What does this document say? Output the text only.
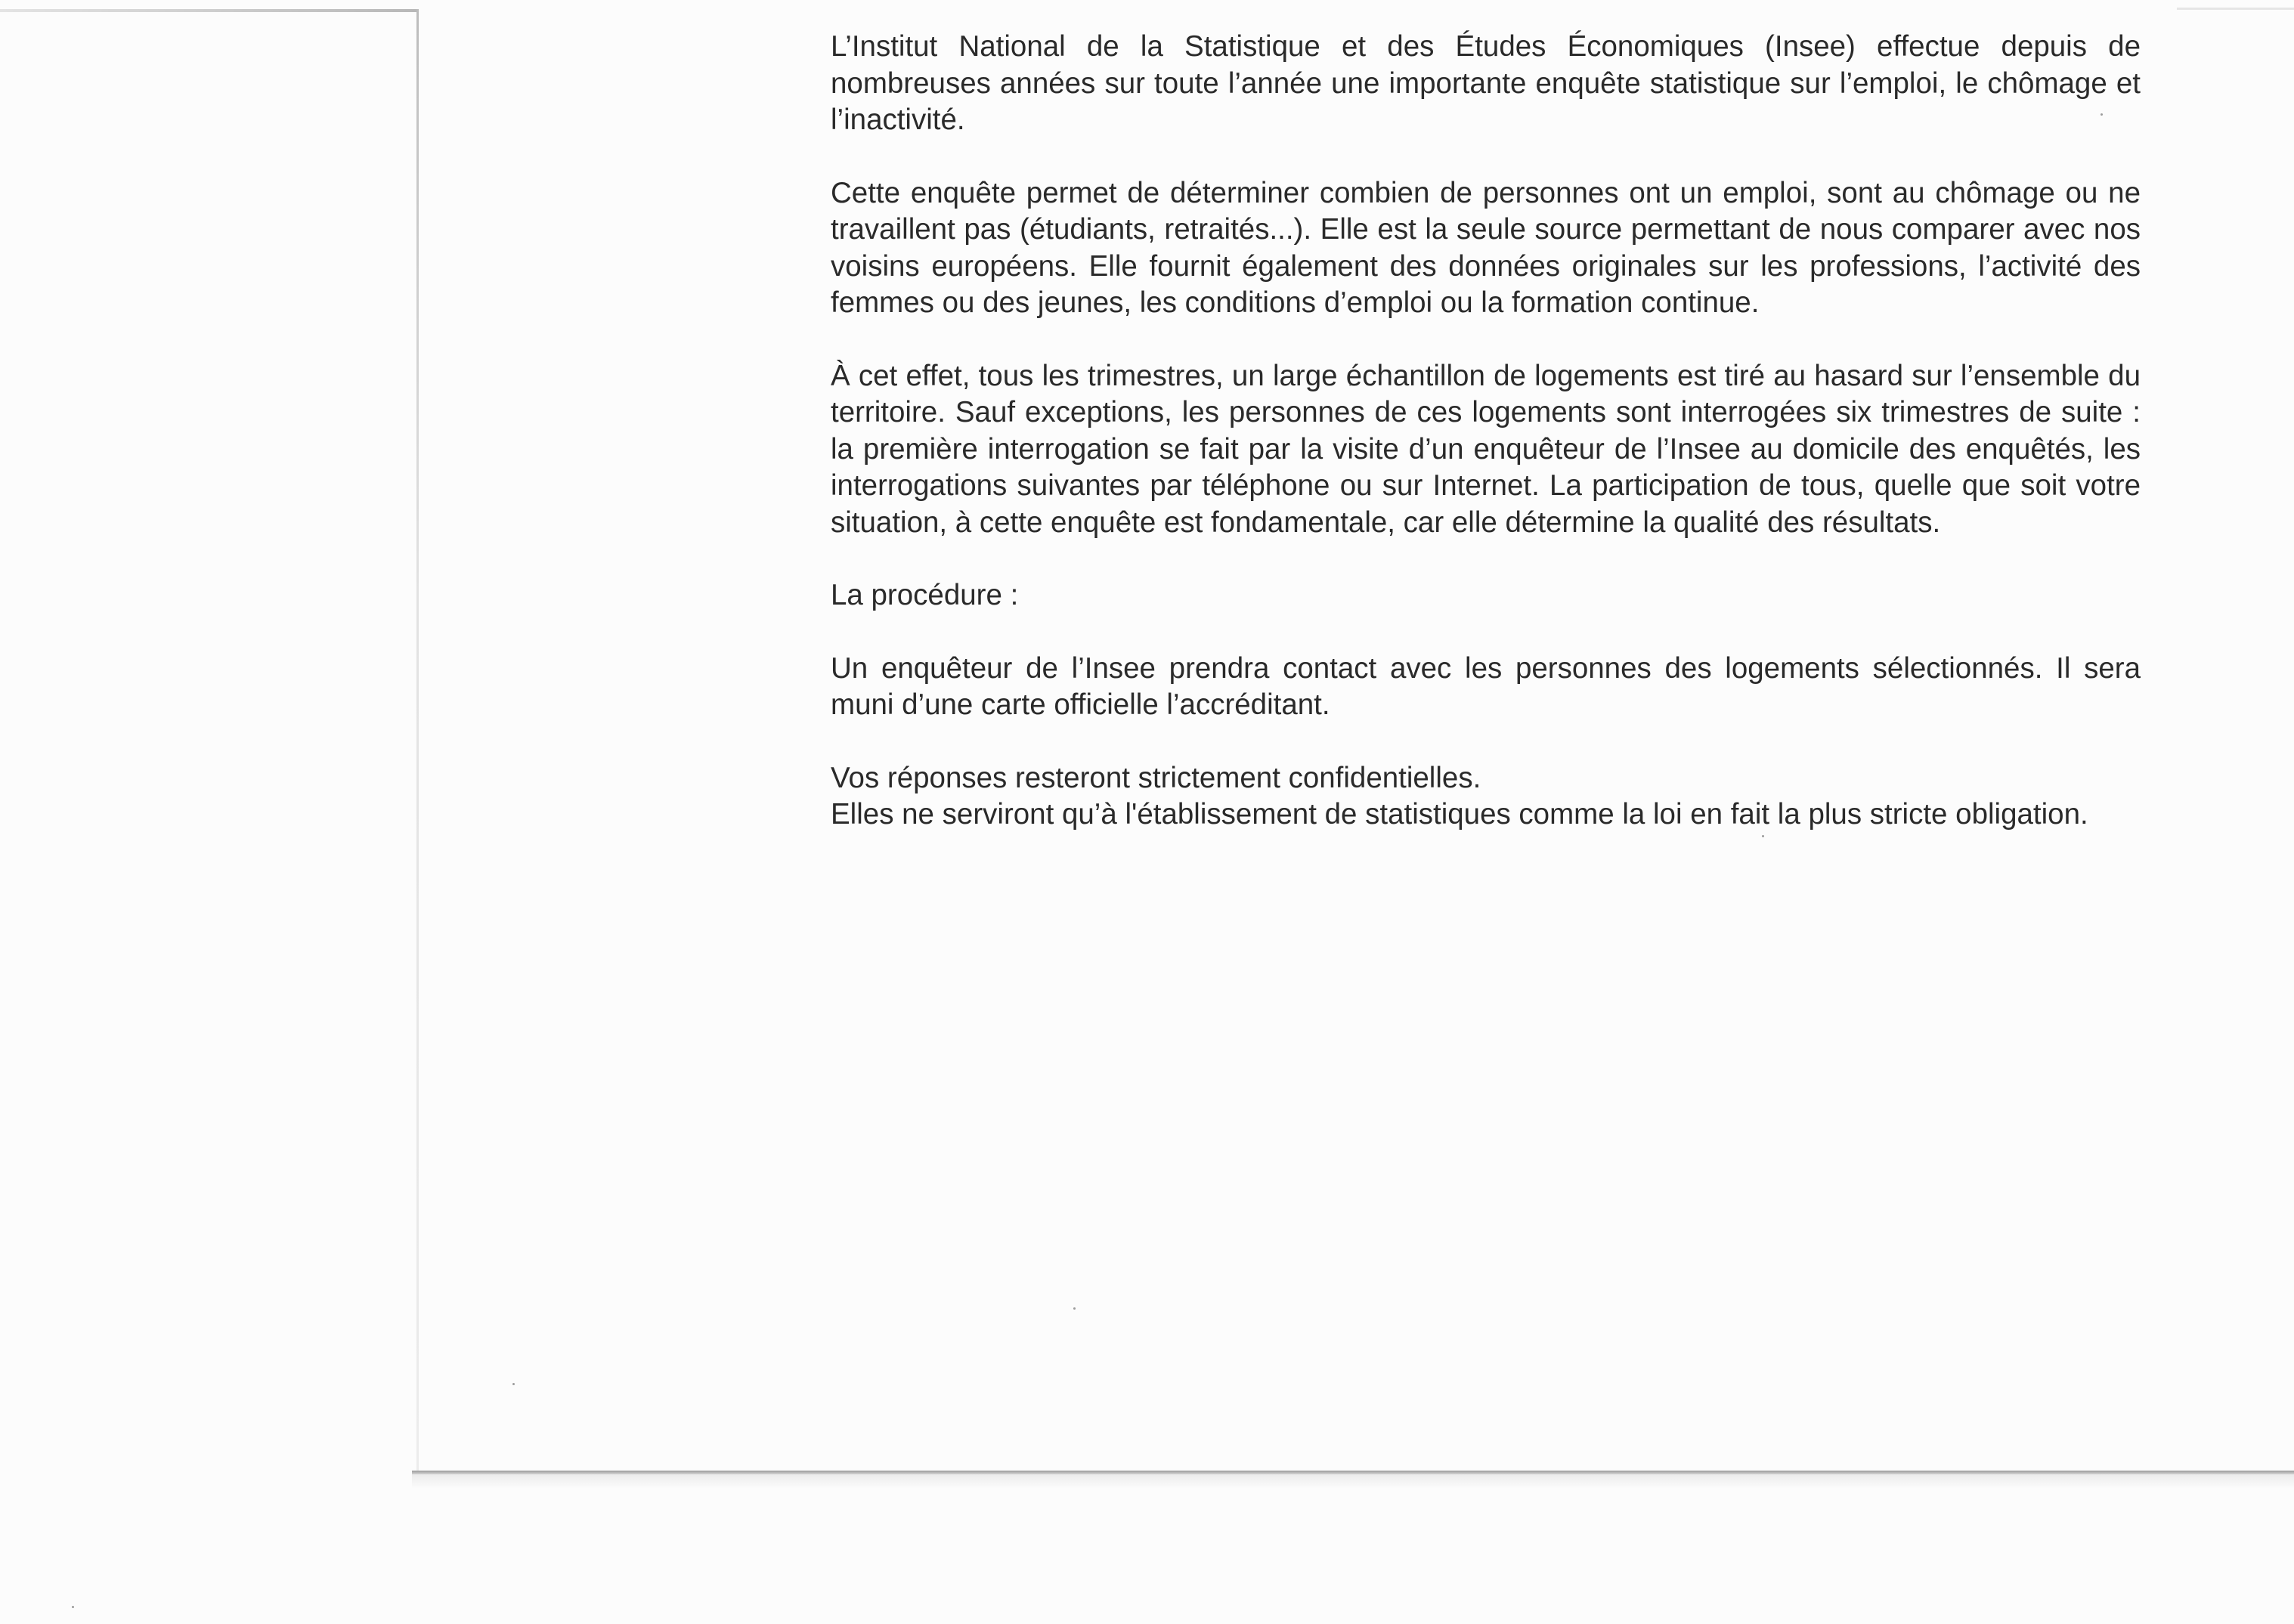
L’Institut National de la Statistique et des Études Économiques (Insee) effectue depuis de nombreuses années sur toute l’année une importante enquête statistique sur l’emploi, le chômage et l’inactivité.

Cette enquête permet de déterminer combien de personnes ont un emploi, sont au chômage ou ne travaillent pas (étudiants, retraités...). Elle est la seule source permettant de nous comparer avec nos voisins européens. Elle fournit également des données originales sur les professions, l’activité des femmes ou des jeunes, les conditions d’emploi ou la formation continue.

À cet effet, tous les trimestres, un large échantillon de logements est tiré au hasard sur l’ensemble du territoire. Sauf exceptions, les personnes de ces logements sont interrogées six trimestres de suite : la première interrogation se fait par la visite d’un enquêteur de l’Insee au domicile des enquêtés, les interrogations suivantes par téléphone ou sur Internet. La participation de tous, quelle que soit votre situation, à cette enquête est fondamentale, car elle détermine la qualité des résultats.

La procédure :

Un enquêteur de l’Insee prendra contact avec les personnes des logements sélectionnés. Il sera muni d’une carte officielle l’accréditant.

Vos réponses resteront strictement confidentielles.

Elles ne serviront qu’à l'établissement de statistiques comme la loi en fait la plus stricte obligation.
